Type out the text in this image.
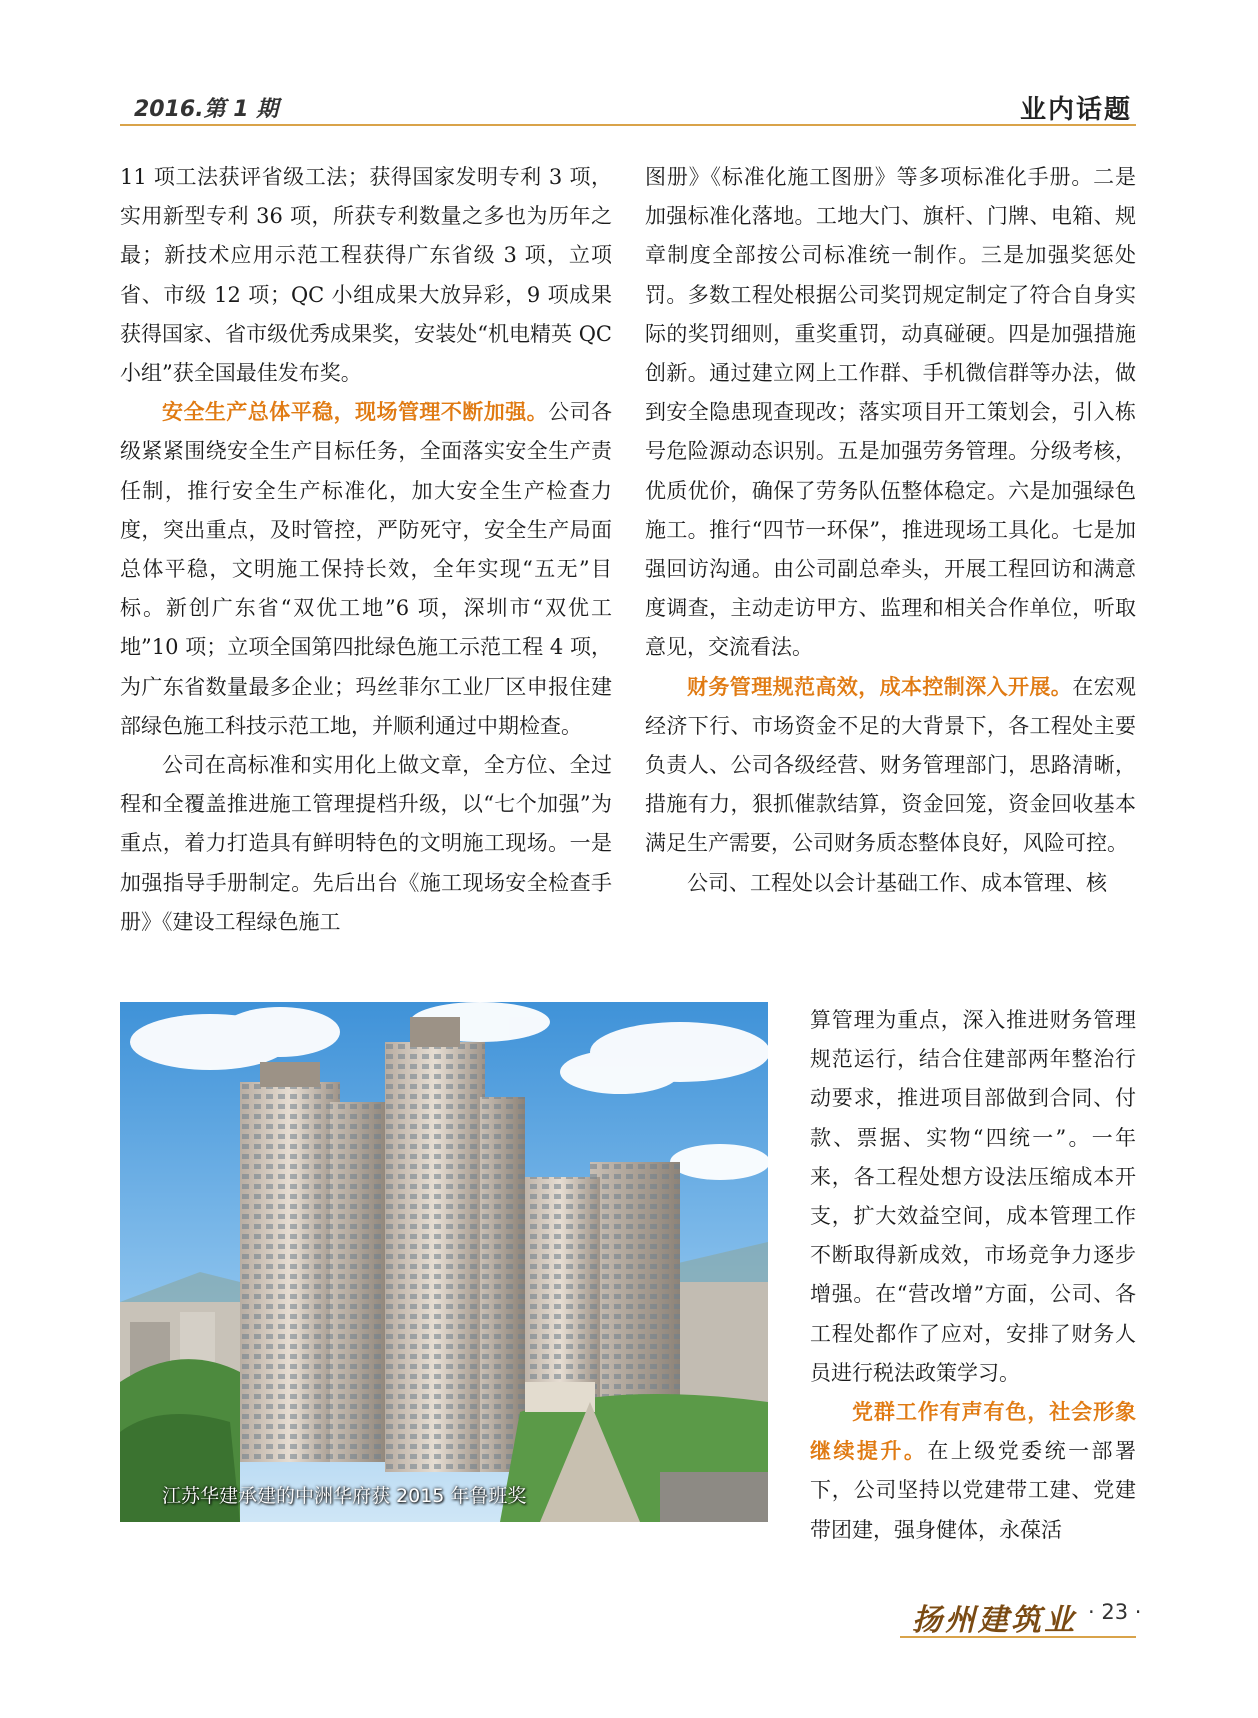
2016.第 1 期	业内话题

11 项工法获评省级工法；获得国家发明专利 3 项，实用新型专利 36 项，所获专利数量之多也为历年之最；新技术应用示范工程获得广东省级 3 项，立项省、市级 12 项；QC 小组成果大放异彩，9 项成果获得国家、省市级优秀成果奖，安装处“机电精英 QC 小组”获全国最佳发布奖。

安全生产总体平稳，现场管理不断加强。公司各级紧紧围绕安全生产目标任务，全面落实安全生产责任制，推行安全生产标准化，加大安全生产检查力度，突出重点，及时管控，严防死守，安全生产局面总体平稳，文明施工保持长效，全年实现“五无”目标。新创广东省“双优工地”6 项，深圳市“双优工地”10 项；立项全国第四批绿色施工示范工程 4 项，为广东省数量最多企业；玛丝菲尔工业厂区申报住建部绿色施工科技示范工地，并顺利通过中期检查。

公司在高标准和实用化上做文章，全方位、全过程和全覆盖推进施工管理提档升级，以“七个加强”为重点，着力打造具有鲜明特色的文明施工现场。一是加强指导手册制定。先后出台《施工现场安全检查手册》《建设工程绿色施工

图册》《标准化施工图册》等多项标准化手册。二是加强标准化落地。工地大门、旗杆、门牌、电箱、规章制度全部按公司标准统一制作。三是加强奖惩处罚。多数工程处根据公司奖罚规定制定了符合自身实际的奖罚细则，重奖重罚，动真碰硬。四是加强措施创新。通过建立网上工作群、手机微信群等办法，做到安全隐患现查现改；落实项目开工策划会，引入栋号危险源动态识别。五是加强劳务管理。分级考核，优质优价，确保了劳务队伍整体稳定。六是加强绿色施工。推行“四节一环保”，推进现场工具化。七是加强回访沟通。由公司副总牵头，开展工程回访和满意度调查，主动走访甲方、监理和相关合作单位，听取意见，交流看法。

财务管理规范高效，成本控制深入开展。在宏观经济下行、市场资金不足的大背景下，各工程处主要负责人、公司各级经营、财务管理部门，思路清晰，措施有力，狠抓催款结算，资金回笼，资金回收基本满足生产需要，公司财务质态整体良好，风险可控。

公司、工程处以会计基础工作、成本管理、核

算管理为重点，深入推进财务管理规范运行，结合住建部两年整治行动要求，推进项目部做到合同、付款、票据、实物“四统一”。一年来，各工程处想方设法压缩成本开支，扩大效益空间，成本管理工作不断取得新成效，市场竞争力逐步增强。在“营改增”方面，公司、各工程处都作了应对，安排了财务人员进行税法政策学习。

党群工作有声有色，社会形象继续提升。在上级党委统一部署下，公司坚持以党建带工建、党建带团建，强身健体，永葆活

江苏华建承建的中洲华府获 2015 年鲁班奖
扬州建筑业 · 23 ·
